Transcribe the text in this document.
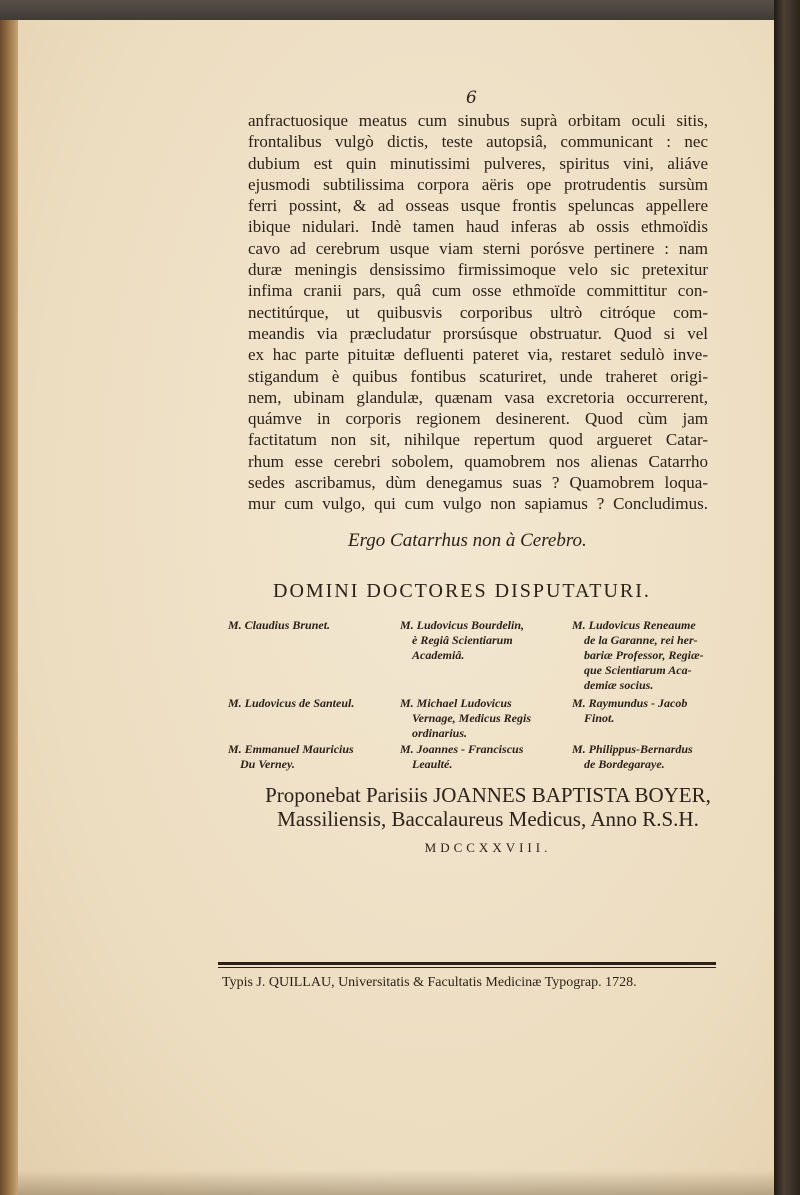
6
anfractuosique meatus cum sinubus suprà orbitam oculi sitis,
frontalibus vulgò dictis, teste autopsiâ, communicant : nec
dubium est quin minutissimi pulveres, spiritus vini, aliáve
ejusmodi subtilissima corpora aëris ope protrudentis sursùm
ferri possint, & ad osseas usque frontis speluncas appellere
ibique nidulari. Indè tamen haud inferas ab ossis ethmoïdis
cavo ad cerebrum usque viam sterni porósve pertinere : nam
duræ meningis densissimo firmissimoque velo sic pretexitur
infima cranii pars, quâ cum osse ethmoïde committitur con-
nectitúrque, ut quibusvis corporibus ultrò citróque com-
meandis via præcludatur prorsúsque obstruatur. Quod si vel
ex hac parte pituitæ defluenti pateret via, restaret sedulò inve-
stigandum è quibus fontibus scaturiret, unde traheret origi-
nem, ubinam glandulæ, quænam vasa excretoria occurrerent,
quámve in corporis regionem desinerent. Quod cùm jam
factitatum non sit, nihilque repertum quod argueret Catar-
rhum esse cerebri sobolem, quamobrem nos alienas Catarrho
sedes ascribamus, dùm denegamus suas ? Quamobrem loqua-
mur cum vulgo, qui cum vulgo non sapiamus ? Concludimus.
Ergo Catarrhus non à Cerebro.
DOMINI DOCTORES DISPUTATURI.
M. Claudius Brunet.	M. Ludovicus Bourdelin,
è Regiâ Scientiarum
Academiâ.
M. Ludovicus Reneaume
de la Garanne, rei her-
bariæ Professor, Regiæ-
que Scientiarum Aca-
demiæ socius.
M. Ludovicus de Santeul.	M. Michael Ludovicus
Vernage, Medicus Regis
ordinarius.
M. Raymundus - Jacob
Finot.
M. Emmanuel Mauricius
Du Verney.
M. Joannes - Franciscus
Leaulté.
M. Philippus-Bernardus
de Bordegaraye.
Proponebat Parisiis JOANNES BAPTISTA BOYER,
Massiliensis, Baccalaureus Medicus, Anno R.S.H.
MDCCXXVIII.
Typis J. QUILLAU, Universitatis & Facultatis Medicinæ Typograp. 1728.
